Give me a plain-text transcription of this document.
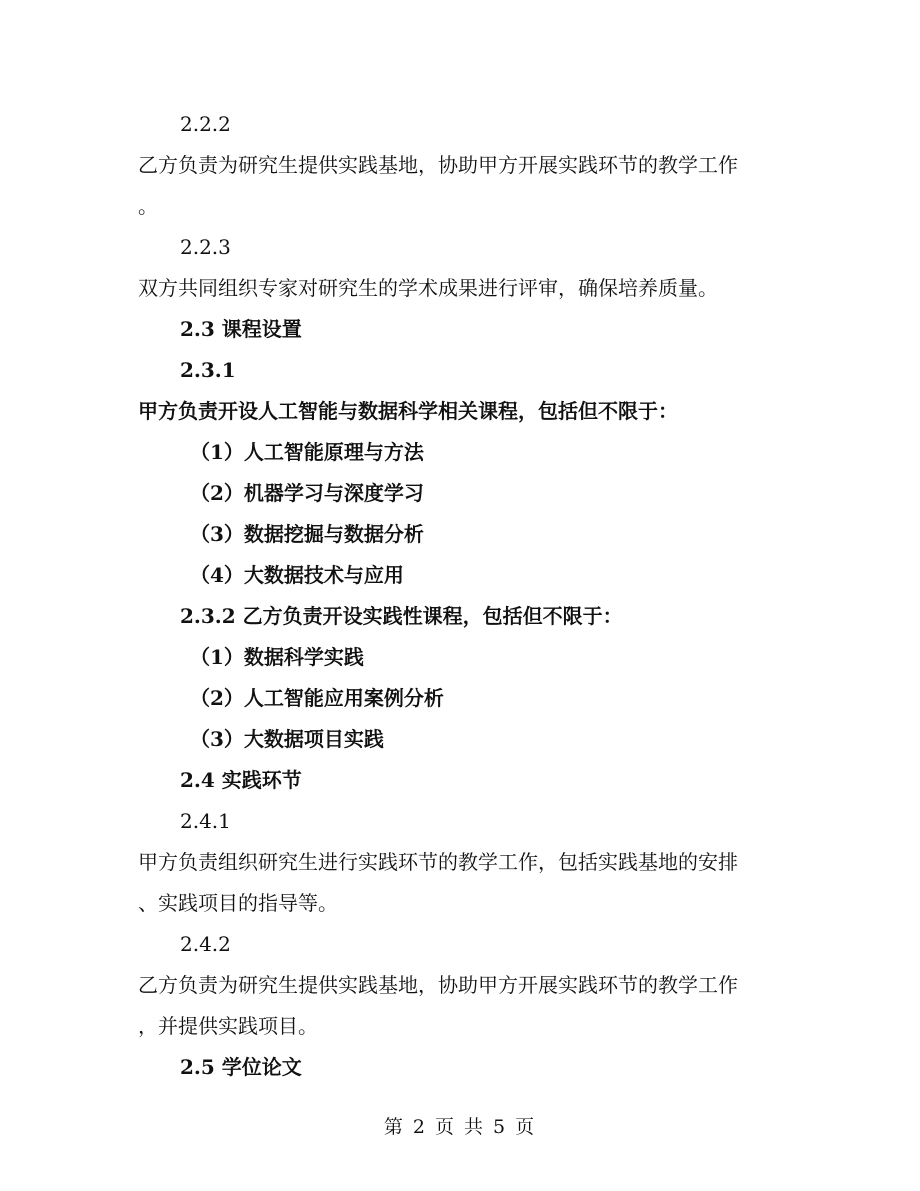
2.2.2
乙方负责为研究生提供实践基地，协助甲方开展实践环节的教学工作
。
2.2.3
双方共同组织专家对研究生的学术成果进行评审，确保培养质量。
2.3 课程设置
2.3.1
甲方负责开设人工智能与数据科学相关课程，包括但不限于：
（1）人工智能原理与方法
（2）机器学习与深度学习
（3）数据挖掘与数据分析
（4）大数据技术与应用
2.3.2 乙方负责开设实践性课程，包括但不限于：
（1）数据科学实践
（2）人工智能应用案例分析
（3）大数据项目实践
2.4 实践环节
2.4.1
甲方负责组织研究生进行实践环节的教学工作，包括实践基地的安排
、实践项目的指导等。
2.4.2
乙方负责为研究生提供实践基地，协助甲方开展实践环节的教学工作
，并提供实践项目。
2.5 学位论文
第 2 页 共 5 页
